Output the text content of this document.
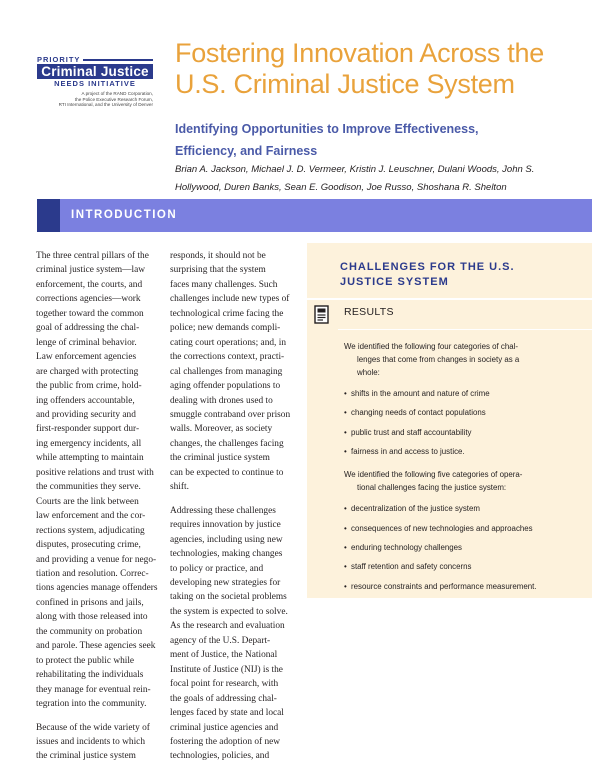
PRIORITY
Criminal Justice
NEEDS INITIATIVE
A project of the RAND Corporation,
the Police Executive Research Forum,
RTI International, and the University of Denver
Fostering Innovation Across the
U.S. Criminal Justice System
Identifying Opportunities to Improve Effectiveness,
Efficiency, and Fairness
Brian A. Jackson, Michael J. D. Vermeer, Kristin J. Leuschner, Dulani Woods, John S.
Hollywood, Duren Banks, Sean E. Goodison, Joe Russo, Shoshana R. Shelton
INTRODUCTION

The three central pillars of the
criminal justice system—law
enforcement, the courts, and
corrections agencies—work
together toward the common
goal of addressing the chal-
lenge of criminal behavior.
Law enforcement agencies
are charged with protecting
the public from crime, hold-
ing offenders accountable,
and providing security and
first-responder support dur-
ing emergency incidents, all
while attempting to maintain
positive relations and trust with
the communities they serve.
Courts are the link between
law enforcement and the cor-
rections system, adjudicating
disputes, prosecuting crime,
and providing a venue for nego-
tiation and resolution. Correc-
tions agencies manage offenders
confined in prisons and jails,
along with those released into
the community on probation
and parole. These agencies seek
to protect the public while
rehabilitating the individuals
they manage for eventual rein-
tegration into the community.

Because of the wide variety of
issues and incidents to which
the criminal justice system

responds, it should not be
surprising that the system
faces many challenges. Such
challenges include new types of
technological crime facing the
police; new demands compli-
cating court operations; and, in
the corrections context, practi-
cal challenges from managing
aging offender populations to
dealing with drones used to
smuggle contraband over prison
walls. Moreover, as society
changes, the challenges facing
the criminal justice system
can be expected to continue to
shift.

Addressing these challenges
requires innovation by justice
agencies, including using new
technologies, making changes
to policy or practice, and
developing new strategies for
taking on the societal problems
the system is expected to solve.
As the research and evaluation
agency of the U.S. Depart-
ment of Justice, the National
Institute of Justice (NIJ) is the
focal point for research, with
the goals of addressing chal-
lenges faced by state and local
criminal justice agencies and
fostering the adoption of new
technologies, policies, and

CHALLENGES FOR THE U.S.
JUSTICE SYSTEM
RESULTS
We identified the following four categories of chal-
lenges that come from changes in society as a
whole:
• shifts in the amount and nature of crime
• changing needs of contact populations
• public trust and staff accountability
• fairness in and access to justice.
We identified the following five categories of opera-
tional challenges facing the justice system:
• decentralization of the justice system
• consequences of new technologies and approaches
• enduring technology challenges
• staff retention and safety concerns
• resource constraints and performance measurement.
